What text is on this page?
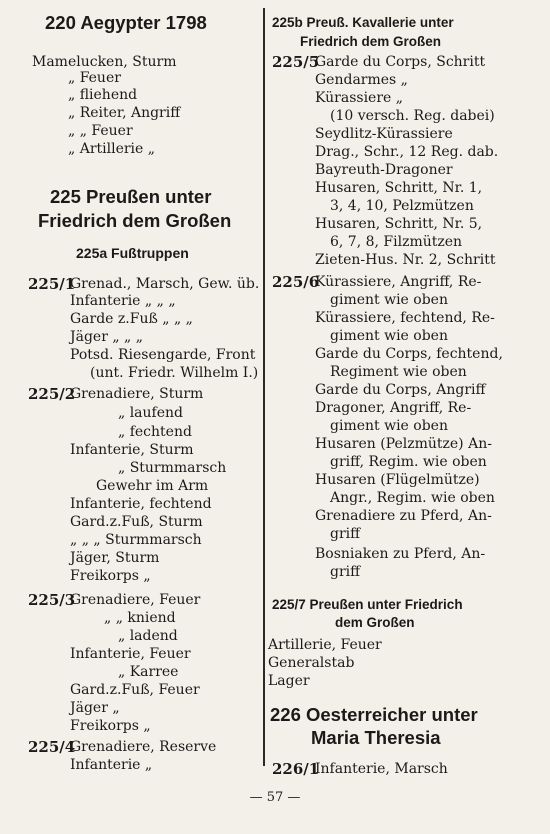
220 Aegypter 1798
Mamelucken, Sturm
„ Feuer
„ fliehend
„ Reiter, Angriff
„ „ Feuer
„ Artillerie „
225 Preußen unter
Friedrich dem Großen
225a Fußtruppen
225/1
Grenad., Marsch, Gew. üb.
Infanterie „ „ „
Garde z.Fuß „ „ „
Jäger „ „ „
Potsd. Riesengarde, Front
(unt. Friedr. Wilhelm I.)
225/2
Grenadiere, Sturm
„ laufend
„ fechtend
Infanterie, Sturm
„ Sturmmarsch
Gewehr im Arm
Infanterie, fechtend
Gard.z.Fuß, Sturm
„ „ „ Sturmmarsch
Jäger, Sturm
Freikorps „
225/3
Grenadiere, Feuer
„ „ kniend
„ ladend
Infanterie, Feuer
„ Karree
Gard.z.Fuß, Feuer
Jäger „
Freikorps „
225/4
Grenadiere, Reserve
Infanterie „
225b Preuß. Kavallerie unter
Friedrich dem Großen
225/5
Garde du Corps, Schritt
Gendarmes „
Kürassiere „
(10 versch. Reg. dabei)
Seydlitz-Kürassiere
Drag., Schr., 12 Reg. dab.
Bayreuth-Dragoner
Husaren, Schritt, Nr. 1,
3, 4, 10, Pelzmützen
Husaren, Schritt, Nr. 5,
6, 7, 8, Filzmützen
Zieten-Hus. Nr. 2, Schritt
225/6
Kürassiere, Angriff, Re-
giment wie oben
Kürassiere, fechtend, Re-
giment wie oben
Garde du Corps, fechtend,
Regiment wie oben
Garde du Corps, Angriff
Dragoner, Angriff, Re-
giment wie oben
Husaren (Pelzmütze) An-
griff, Regim. wie oben
Husaren (Flügelmütze)
Angr., Regim. wie oben
Grenadiere zu Pferd, An-
griff
Bosniaken zu Pferd, An-
griff
225/7 Preußen unter Friedrich
dem Großen
Artillerie, Feuer
Generalstab
Lager
226 Oesterreicher unter
Maria Theresia
226/1
Infanterie, Marsch
— 57 —
